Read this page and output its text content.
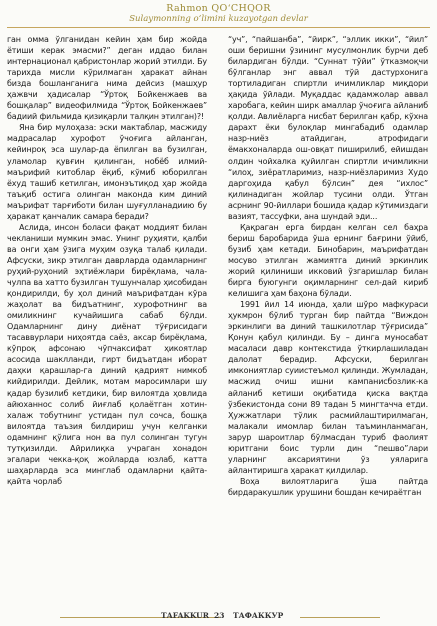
Rahmon QO‘CHQOR
Sulaymonning o‘limini kuzayotgan devlar

ган омма ўлганидан кейин ҳам бир жойда ётиши керак эмасми?” деган иддао билан интернационал қабристонлар жорий этилди. Бу тарихда мисли кўрилмаган ҳаракат айнан бизда бошланганига нима дейсиз (машҳур ҳажвчи ҳадисалар “Ўртоқ Бойкенжаев ва бошқалар” видеофилмида “Ўртоқ Бойкенжаев” бадиий фильмида қизиқарли талқин этилган)?!

Яна бир мулоҳаза: эски мактаблар, масжиду мадрасалар хурофот ўчоғига айланган, кейинроқ эса шулар-да ёпилган ва бузилган, уламолар қувғин қилинган, нобёб илмий-маърифий китоблар ёқиб, кўмиб юборилган ёхуд ташиб кетилган, имонэътиқод ҳар жойда таъқиб остига олинган маконда ким диний маърифат тарғиботи билан шуғулланадиию бу ҳаракат қанчалик самара беради?

Аслида, инсон боласи фақат моддият билан чекланиши мумкин эмас. Унинг руҳияти, қалби ва онги ҳам ўзига муҳим озуқа талаб қилади. Афсуски, зикр этилган даврларда одамларнинг руҳий-руҳоний эҳтиёжлари бирёқлама, чала-чулпа ва хатто бузилган тушунчалар ҳисобидан қондирилди, бу ҳол диний маърифатдан кўра жаҳолат ва бидъатнинг, хурофотнинг ва омиликнинг кучайишига сабаб бўлди. Одамларнинг дину диёнат тўғрисидаги тасаввурлари ниҳоятда саёз, аксар бирёқлама, кўпроқ афсонаю чўпчаксифат ҳикоятлар асосида шаклланди, гирт бидъатдан иборат даҳки қарашлар-га диний қадрият нимкоб кийдирилди. Дейлик, мотам маросимлари шу қадар бузилиб кетдики, бир вилоятда ҳовлида айюханнос солиб йиғлаб қолаётган хотин-халаж тобутнинг устидан пул сочса, бошқа вилоятда таъзия билдириш учун келганки одамнинг қўлига нон ва пул солинган тугун тутқизилди. Айрилиқка учраган хонадон эгалари чекка-қоқ жойларда юзлаб, катта шаҳарларда эса минглаб одамларни қайта-қайта чорлаб

“уч”, “пайшанба”, “йирк”, “эллик икки”, “йил” оши беришни ўзининг мусулмонлик бурчи деб билардиган бўлди. “Суннат тўйи” ўтказмоқчи бўлганлар энг аввал тўй дастурхонига тортиладиган спиртли ичимликлар миқдори ҳақида ўйлади. Муқаддас қадамжолар аввал харобага, кейин ширк амаллар ўчоғига айланиб қолди. Авлиёларга нисбат берилган қабр, кўхна дарахт ёки булоқлар мингабадиб одамлар назр-ниёз атайдиган, атрофидаги ёмакхоналарда ош-овқат пиширилиб, ейишдан олдин чойхалка қуйилган спиртли ичимликни “илоҳ, зиёратларимиз, назр-ниёзларимиз Худо даргоҳида қабул бўлсин” дея “ихлос” қилинадиган жойлар тусини олди. Ўтган асрнинг 90-йиллари бошида қадар кўтимиздаги вазият, тассуфки, ана шундай эди...

Қақраган ерга бирдан келган сел баҳра бериш баробарида ўша ернинг бағрини ўйиб, бузиб ҳам кетади. Бинобарин, маърифатдан мосуво этилган жамиятга диний эркинлик жорий қилиниши икковий ўзгаришлар билан бирга буюгунги оқимларнинг сел-дай кириб келишига ҳам баҳона бўлади.

1991 йил 14 июнда, ҳали шўро мафкураси ҳукмрон бўлиб турган бир пайтда “Виждон эркинлиги ва диний ташкилотлар тўғрисида” Қонун қабул қилинди. Бу – динга муносабат масаласи давр контекстида ўткирлашиладан далолат берадир. Афсуски, берилган имкониятлар суиистеъмол қилинди. Жумладан, масжид очиш ишни кампанисбозлик-ка айланиб кетиши оқибатида қиска вақтда ўзбекистонда сони 89 тадан 5 мингтачча етди. Ҳужжатлари тўлик расмийлаштирилмаган, малакали имомлар билан таъминланмаган, зарур шароитлар бўлмасдан туриб фаолият юритгани боис турли дин “пешво”лари уларнинг аксариятини ўз уяларига айлантиришга ҳаракат қилдилар.

Воҳа вилоятларига ўша пайтда бирдаракушлик урушини бошдан кечираётган

ТАFAKKUR 23 ТАФАККУР
